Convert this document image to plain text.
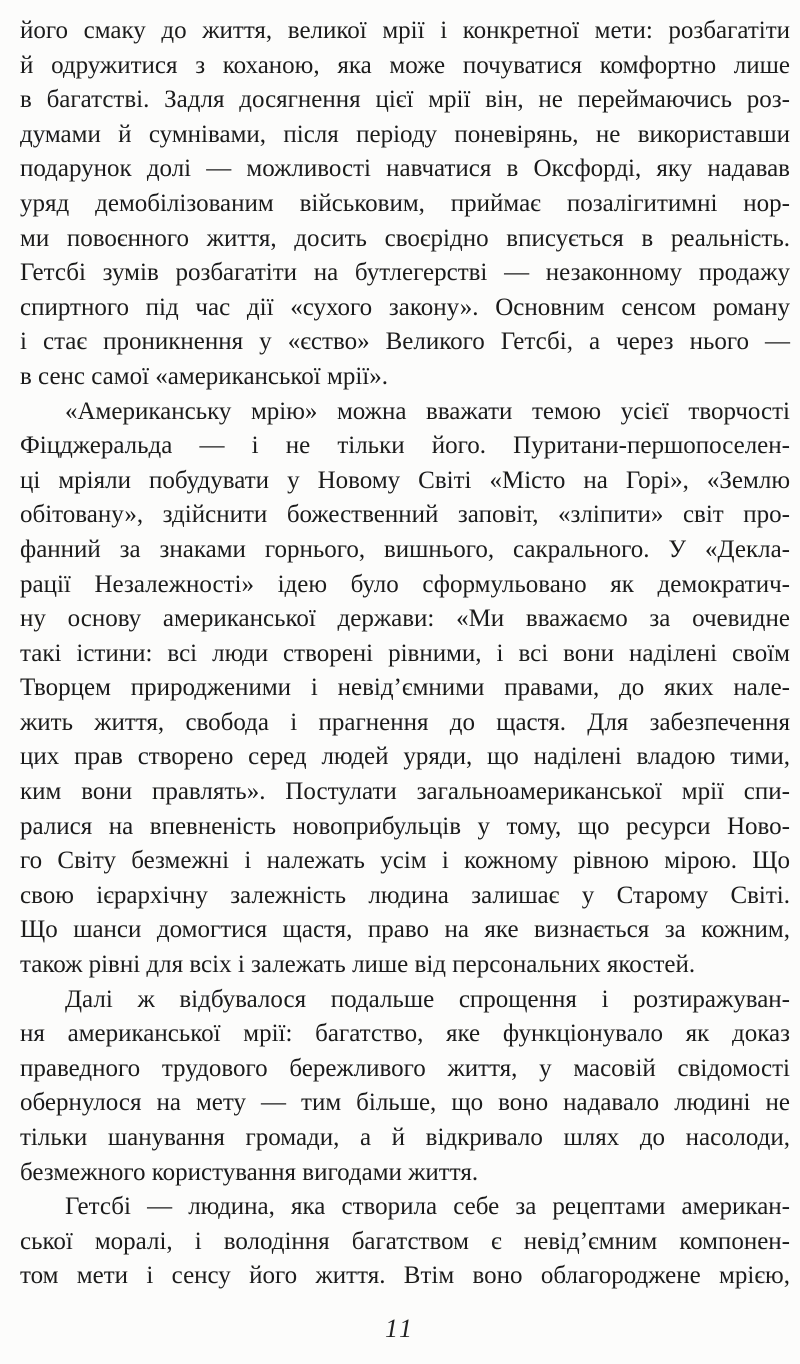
його смаку до життя, великої мрії і конкретної мети: розбагатіти
й одружитися з коханою, яка може почуватися комфортно лише
в багатстві. Задля досягнення цієї мрії він, не переймаючись роз-
думами й сумнівами, після періоду поневірянь, не використавши
подарунок долі — можливості навчатися в Оксфорді, яку надавав
уряд демобілізованим військовим, приймає позалігитимні нор-
ми повоєнного життя, досить своєрідно вписується в реальність.
Гетсбі зумів розбагатіти на бутлегерстві — незаконному продажу
спиртного під час дії «сухого закону». Основним сенсом роману
і стає проникнення у «єство» Великого Гетсбі, а через нього —
в сенс самої «американської мрії».
«Американську мрію» можна вважати темою усієї творчості
Фіцджеральда — і не тільки його. Пуритани-першопоселен-
ці мріяли побудувати у Новому Світі «Місто на Горі», «Землю
обітовану», здійснити божественний заповіт, «зліпити» світ про-
фанний за знаками горнього, вишнього, сакрального. У «Декла-
рації Незалежності» ідею було сформульовано як демократич-
ну основу американської держави: «Ми вважаємо за очевидне
такі істини: всі люди створені рівними, і всі вони наділені своїм
Творцем природженими і невід’ємними правами, до яких нале-
жить життя, свобода і прагнення до щастя. Для забезпечення
цих прав створено серед людей уряди, що наділені владою тими,
ким вони правлять». Постулати загальноамериканської мрії спи-
ралися на впевненість новоприбульців у тому, що ресурси Ново-
го Світу безмежні і належать усім і кожному рівною мірою. Що
свою ієрархічну залежність людина залишає у Старому Світі.
Що шанси домогтися щастя, право на яке визнається за кожним,
також рівні для всіх і залежать лише від персональних якостей.
Далі ж відбувалося подальше спрощення і розтиражуван-
ня американської мрії: багатство, яке функціонувало як доказ
праведного трудового бережливого життя, у масовій свідомості
обернулося на мету — тим більше, що воно надавало людині не
тільки шанування громади, а й відкривало шлях до насолоди,
безмежного користування вигодами життя.
Гетсбі — людина, яка створила себе за рецептами американ-
ської моралі, і володіння багатством є невід’ємним компонен-
том мети і сенсу його життя. Втім воно облагороджене мрією,
11
